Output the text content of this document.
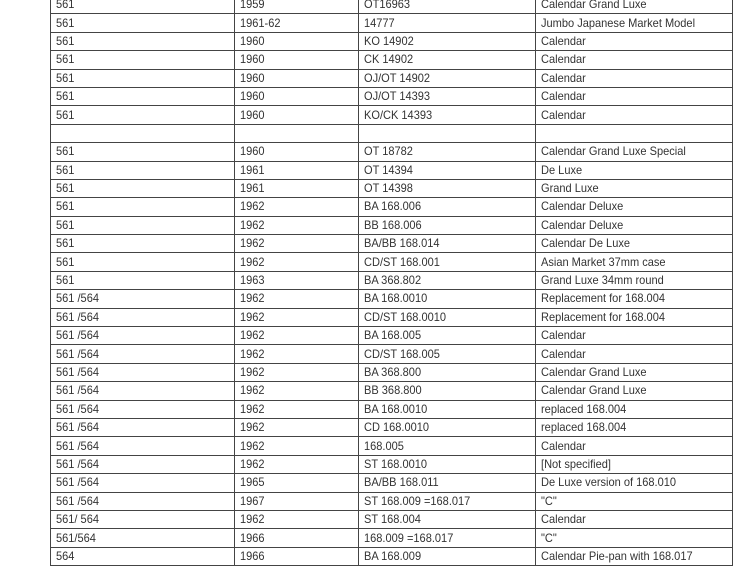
561	1959	OT16963	Calendar Grand Luxe
561	1961-62	14777	Jumbo Japanese Market Model
561	1960	KO 14902	Calendar
561	1960	CK 14902	Calendar
561	1960	OJ/OT 14902	Calendar
561	1960	OJ/OT 14393	Calendar
561	1960	KO/CK 14393	Calendar

561	1960	OT 18782	Calendar Grand Luxe Special
561	1961	OT 14394	De Luxe
561	1961	OT 14398	Grand Luxe
561	1962	BA 168.006	Calendar Deluxe
561	1962	BB 168.006	Calendar Deluxe
561	1962	BA/BB 168.014	Calendar De Luxe
561	1962	CD/ST 168.001	Asian Market 37mm case
561	1963	BA 368.802	Grand Luxe 34mm round
561 /564	1962	BA 168.0010	Replacement for 168.004
561 /564	1962	CD/ST 168.0010	Replacement for 168.004
561 /564	1962	BA 168.005	Calendar
561 /564	1962	CD/ST 168.005	Calendar
561 /564	1962	BA 368.800	Calendar Grand Luxe
561 /564	1962	BB 368.800	Calendar Grand Luxe
561 /564	1962	BA 168.0010	replaced 168.004
561 /564	1962	CD 168.0010	replaced 168.004
561 /564	1962	168.005	Calendar
561 /564	1962	ST 168.0010	[Not specified]
561 /564	1965	BA/BB 168.011	De Luxe version of 168.010
561 /564	1967	ST 168.009 =168.017	"C"
561/ 564	1962	ST 168.004	Calendar
561/564	1966	168.009 =168.017	"C"
564	1966	BA 168.009	Calendar Pie-pan with 168.017
